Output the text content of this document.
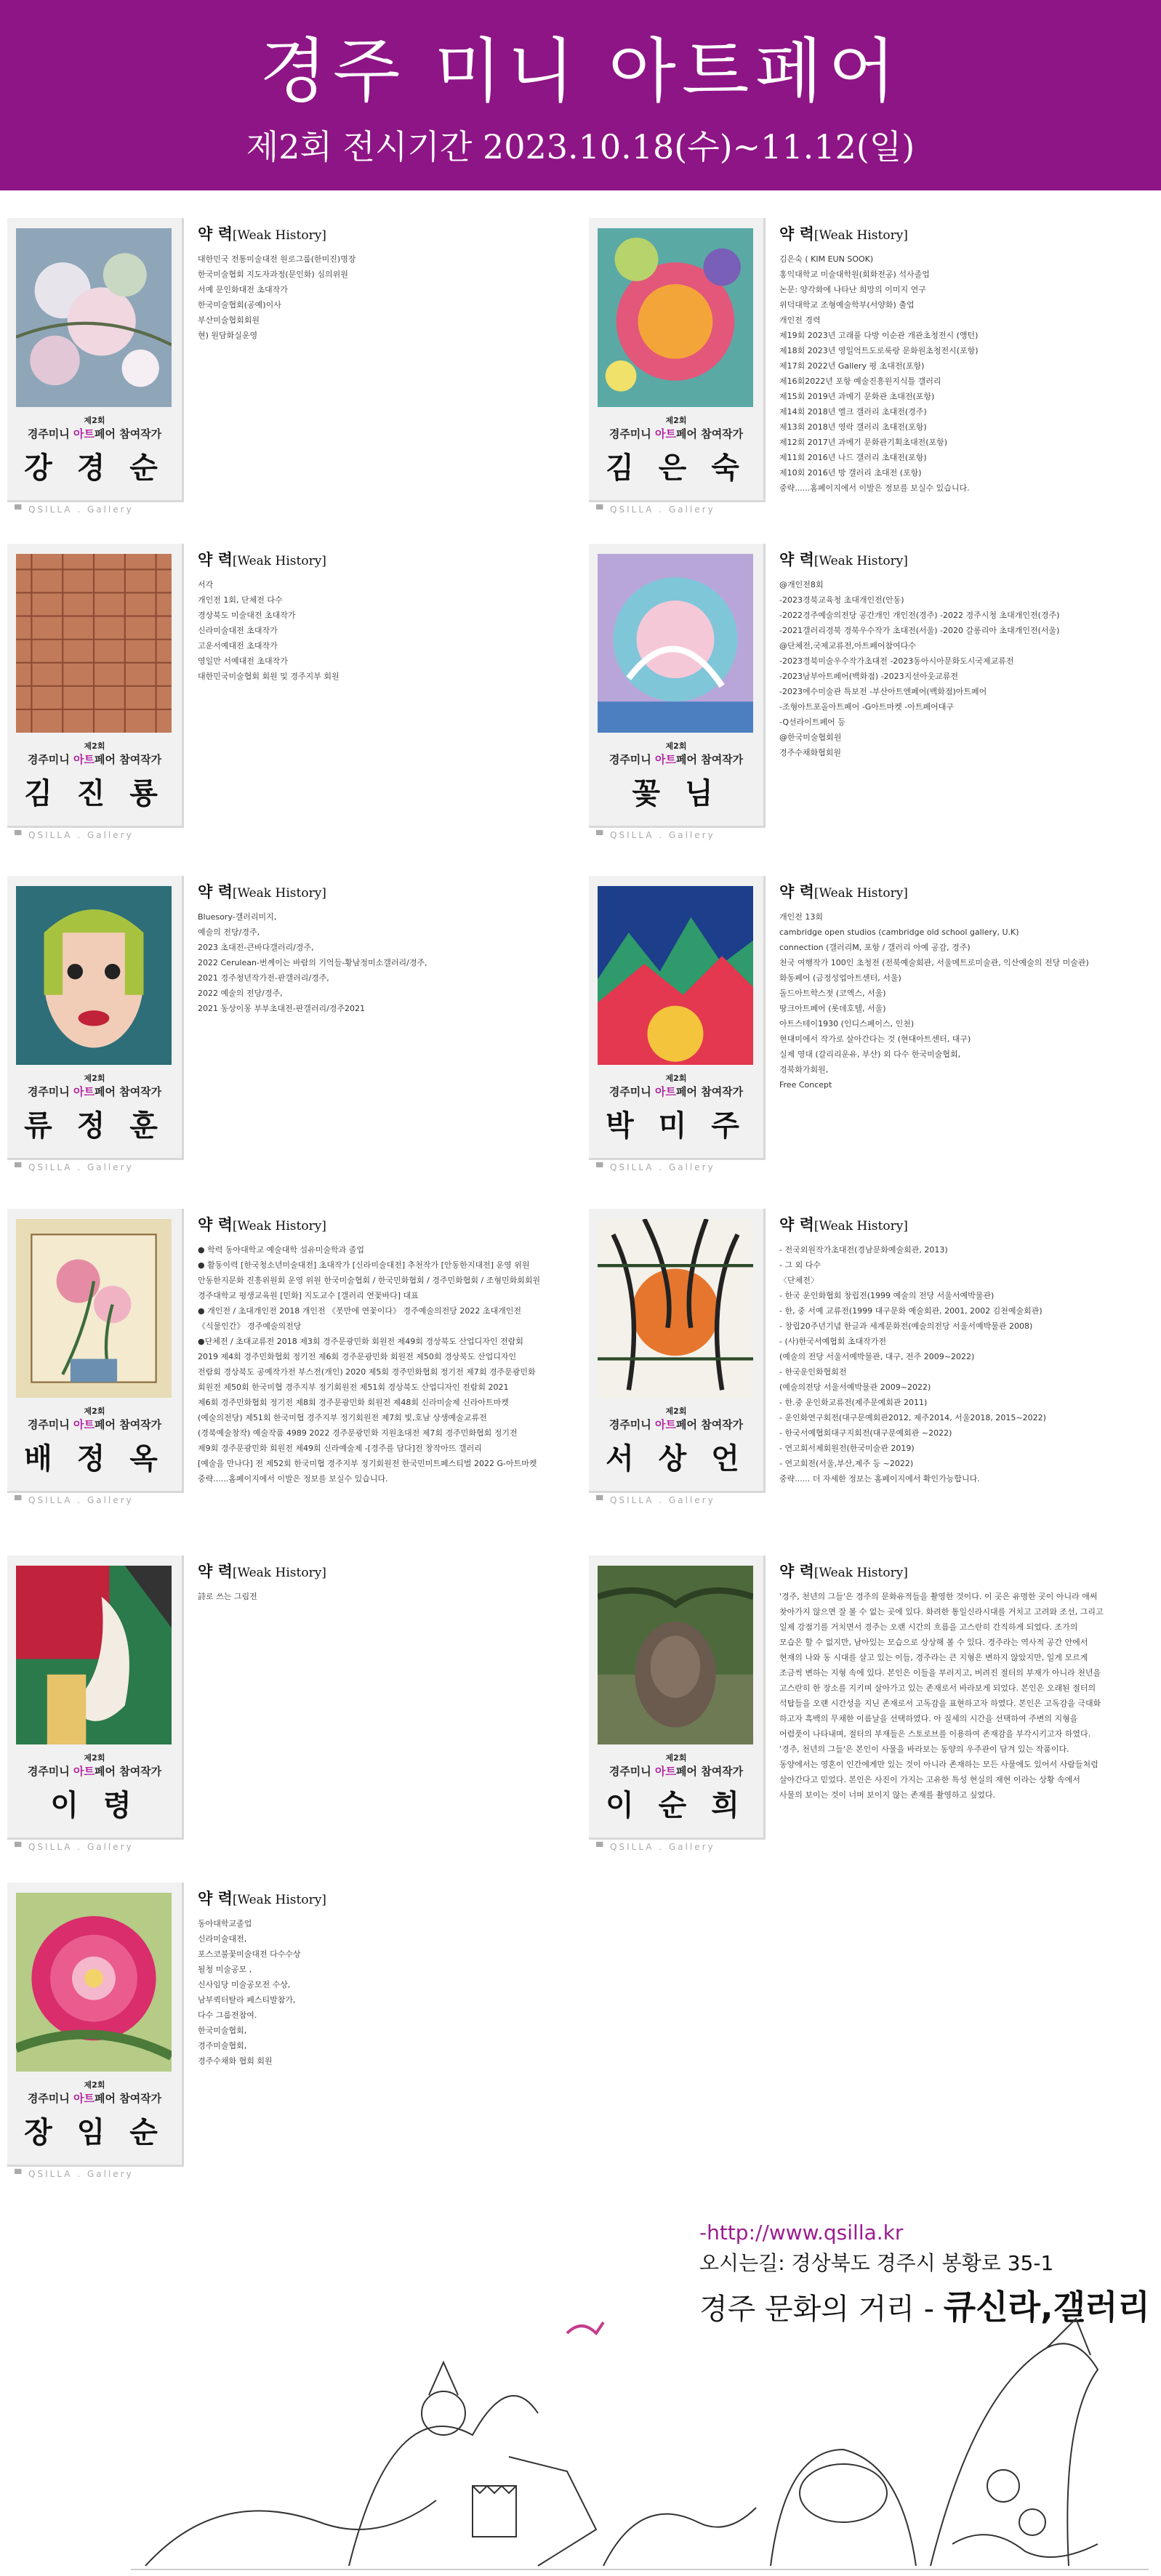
경주 미니 아트페어
제2회 전시기간 2023.10.18(수)~11.12(일)
제2회
경주미니 아트페어 참여작가
강 경 순
▀ QSILLA . Gallery
약 력[Weak History]
대한민국 전통미술대전 원로그룹(한미진)명장
한국미술협회 지도자과정(문인화) 심의위원
서예 문인화대전 초대작가
한국미술협회(공예)이사
부산미술협회회원
현) 원담화실운영
제2회
경주미니 아트페어 참여작가
김 은 숙
▀ QSILLA . Gallery
약 력[Weak History]
김은숙 ( KIM EUN SOOK)
홍익대학교 미술대학원(회화전공) 석사졸업
논문: 양각화에 나타난 희망의 이미지 연구
위덕대학교 조형예술학부(서양화) 출업
개인전 경력
제19회 2023년 고래풀 다방 이순관 개관초청전시 (앵턴)
제18회 2023년 영일억트도로룩랑 문화원초청전시(포항)
제17회 2022년 Gallery 평 초대전(포항)
제16회2022년 포항 예술진흥원지식틀 갤러리
제15회 2019년 과메기 문화관 초대전(포항)
제14회 2018년 엘크 갤러리 초대전(경주)
제13회 2018년 영락 갤러리 초대전(포항)
제12회 2017년 과메기 문화관기획초대전(포항)
제11회 2016년 나드 갤러리 초대전(포항)
제10회 2016년 방 갤러리 초대전 (포항)
중략......홈페이지에서 이발은 정보를 보실수 있습니다.
제2회
경주미니 아트페어 참여작가
김 진 룡
▀ QSILLA . Gallery
약 력[Weak History]
서각
개인전 1회, 단체전 다수
경상북도 미술대전 초대작가
신라미술대전 초대작가
고운서예대전 초대작가
영일만 서예대전 초대작가
대한민국미술협회 회원 및 경주지부 회원
제2회
경주미니 아트페어 참여작가
꽃 님
▀ QSILLA . Gallery
약 력[Weak History]
@개인전8회
-2023경북교육청 초대개인전(안동)
-2022경주예술의전당 공간개인 개인전(경주) -2022 경주시청 초대개인전(경주)
-2021갤러리경북 경북우수작가 초대전(서울) -2020 갈롱리아 초대개인전(서울)
@단체전,국제교류전,아트페어참여다수
-2023경북미술우수작가초대전 -2023동아시아문화도시국제교류전
-2023남부아트페어(백화점) -2023지선아웃교류전
-2023에수미술관 특보전 -부산아트엔페어(백화점)아트페어
-조형아트포올아트페어 -G아트마켓 -아트페어대구
-Q선라이트페어 등
@한국미술협회원
경주수채화협회원
제2회
경주미니 아트페어 참여작가
류 정 훈
▀ QSILLA . Gallery
약 력[Weak History]
Bluesory-갤러리미지,
예술의 전당/경주,
2023 초대전-큰바다갤러리/경주,
2022 Cerulean-번께이는 바람의 기억들-황남정미소갤러리/경주,
2021 경주청년작가전-판갤러리/경주,
2022 예술의 전당/경주,
2021 동상이몽 부부초대전-판갤러리/경주2021
제2회
경주미니 아트페어 참여작가
박 미 주
▀ QSILLA . Gallery
약 력[Weak History]
개인전 13회
cambridge open studios (cambridge old school gallery, U.K)
connection (갤러리M, 포항 / 갤러리 아예 공감, 경주)
천국 여행작가 100인 초청전 (전북예술회관, 서울메트로미술관, 익산예술의 전당 미술관)
화동페어 (금정성업아트센터, 서울)
돌드아트학스젓 (코엑스, 서울)
땅크아트페어 (롯데호텔, 서울)
아트스테이1930 (인디스페이스, 인천)
현대미에서 작가로 살아간다는 것 (현대아트센터, 대구)
실제 영대 (갈리리운유, 부산) 외 다수 한국미술협회,
경북화가회원,
Free Concept
제2회
경주미니 아트페어 참여작가
배 정 옥
▀ QSILLA . Gallery
약 력[Weak History]
● 학력 동아대학교 예술대학 섬유미술학과 졸업
● 활동이력 [한국청소년미술대전] 초대작가 [신라미술대전] 추천작가 [안동한지대전] 운영 위원
안동한지문화 진흥위원회 운영 위원 한국미술협회 / 한국민화협회 / 경주민화협회 / 조형민화회회원
경주대학교 평생교육원 [민화] 지도교수 [갤러리 연꽃바다] 대표
● 개인전 / 초대개인전 2018 개인전 《봇만에 연꽃이다》 경주예술의전당 2022 초대개인전
《식물인간》 경주예술의전당
●단체전 / 초대교류전 2018 제3회 경주문광민화 회원전 제49회 경상북도 산업디자인 전람회
2019 제4회 경주민화협회 정기전 제6회 경주문광민화 회원전 제50회 경상북도 산업디자인
전람회 경상북도 공예작가전 부스전(개인) 2020 제5회 경주민화협회 정기전 제7회 경주문광민화
회원전 제50회 한국미협 경주지부 정기회원전 제51회 경상북도 산업디자인 전람회 2021
제6회 경주민화협회 정기전 제8회 경주문광민화 회원전 제48회 신라미술제 신라아트마켓
(예술의전당) 제51회 한국미협 경주지부 정기회원전 제7회 빛,호남 상생예술교류전
(경북예술창작) 예술작품 4989 2022 경주문광민화 지원초대전 제7회 경주민화협회 정기전
제9회 경주문광민화 회원전 제49회 신라예술제 -[경주를 담다]전 창작아뜨 갤러리
[예술을 만나다] 전 제52회 한국미협 경주지부 정기회원전 한국민미트페스티벌 2022 G-아트마켓
중략......홈페이지에서 이발은 정보를 보실수 있습니다.
제2회
경주미니 아트페어 참여작가
서 상 언
▀ QSILLA . Gallery
약 력[Weak History]
- 전국외원작가초대전(경남문화예술회관, 2013)
- 그 외 다수
〈단체전〉
- 한국 운인화협회 창립전(1999 예술의 전당 서울서예박물관)
- 한, 중 서예 교류전(1999 대구문화 예술회관, 2001, 2002 김천예술회관)
- 창립20주년기념 한글과 세계문화전(예술의전당 서울서예박물관 2008)
- (사)한국서예협회 초대작가전
(예술의 전당 서울서예박물관, 대구, 전주 2009~2022)
- 한국운인화협회전
(예술의전당 서울서예박물관 2009~2022)
- 한.중 운인화교류전(제주문예회관 2011)
- 운인화연구회전(대구문예회관2012, 제주2014, 서울2018, 2015~2022)
- 한국서예협회대구지회전(대구문예회관 ~2022)
- 연고회서제회원전(한국미술관 2019)
- 연고회전(서울,부산,제주 등 ~2022)
중략...... 더 자세한 정보는 홈페이지에서 확인가능합니다.
제2회
경주미니 아트페어 참여작가
이 령
▀ QSILLA . Gallery
약 력[Weak History]
詩로 쓰는 그림전
제2회
경주미니 아트페어 참여작가
이 순 희
▀ QSILLA . Gallery
약 력[Weak History]
'경주, 천년의 그들'은 경주의 문화유적들을 촬영한 것이다. 이 곳은 유명한 곳이 아니라 애써
찾아가지 않으면 잘 볼 수 없는 곳에 있다. 화려한 통일신라시대를 거치고 고려와 조선, 그리고
일제 강점기를 거치면서 경주는 오랜 시간의 흐름을 고스란히 간직하게 되었다. 조가의
모습은 할 수 없지만, 남아있는 모습으로 상상해 볼 수 있다. 경주라는 역사적 공간 안에서
현재의 나와 동 시대를 살고 있는 이들, 경주라는 큰 지형은 변하지 않았지만, 일게 모르게
조금씩 변하는 지형 속에 있다. 본인은 이들을 부러지고, 버려진 절터의 부재가 아니라 천년을
고스란히 한 장소를 지키며 살아가고 있는 존재로서 바라보게 되었다. 본인은 오래된 절터의
석탑들을 오랜 시간성을 지닌 존재로서 고독감을 표현하고자 하였다. 본인은 고독감을 극대화
하고자 흑백의 무채한 이름날을 선택하였다. 아 질세의 시간을 선택하여 주변의 지형을
어렴풋이 나타내며, 절터의 부재들은 스토로브를 이용하여 존재감을 부각시키고자 하였다.
'경주, 천년의 그들'은 본인이 사물을 바라보는 동양의 우주관이 담겨 있는 작품이다.
동양에서는 영혼이 인간에게만 있는 것이 아니라 존재하는 모든 사물에도 있어서 사람들처럼
살아간다고 믿었다. 본인은 사진이 가지는 고유한 특성 현실의 재현 이라는 상황 속에서
사물의 보이는 것이 너머 보이지 않는 존재를 촬영하고 싶었다.
제2회
경주미니 아트페어 참여작가
장 임 순
▀ QSILLA . Gallery
약 력[Weak History]
동아대학교졸업
신라미술대전,
포스코불꽃미술대전 다수수상
될청 미술공모 ,
신사임당 미술공모전 수상,
남부퀵터탈라 페스티발참가,
다수 그룹전참여.
한국미술협회,
경주미술협회,
경주수채화 협회 회원
-http://www.qsilla.kr
오시는길: 경상북도 경주시 봉황로 35-1
경주 문화의 거리 - 큐신라,갤러리
